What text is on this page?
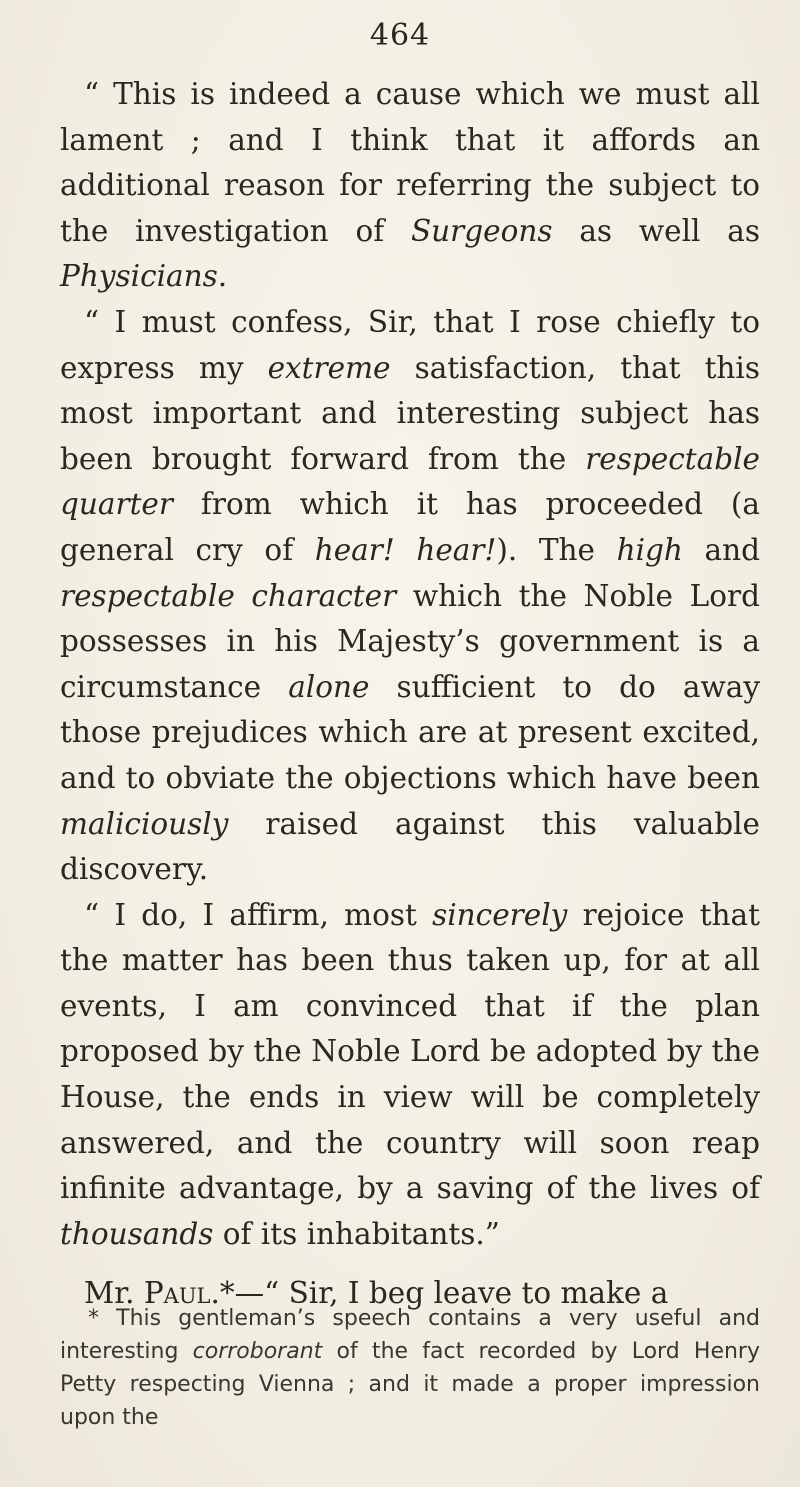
464

“ This is indeed a cause which we must all lament ; and I think that it affords an additional reason for referring the subject to the investigation of Surgeons as well as Physicians.

“ I must confess, Sir, that I rose chiefly to express my extreme satisfaction, that this most important and interesting subject has been brought forward from the respectable quarter from which it has proceeded (a general cry of hear! hear!). The high and respectable character which the Noble Lord possesses in his Majesty’s government is a circumstance alone sufficient to do away those prejudices which are at present excited, and to obviate the objections which have been maliciously raised against this valuable discovery.

“ I do, I affirm, most sincerely rejoice that the matter has been thus taken up, for at all events, I am convinced that if the plan proposed by the Noble Lord be adopted by the House, the ends in view will be completely answered, and the country will soon reap infinite advantage, by a saving of the lives of thousands of its inhabitants.”

Mr. Paul.*—“ Sir, I beg leave to make a

* This gentleman’s speech contains a very useful and interesting corroborant of the fact recorded by Lord Henry Petty respecting Vienna ; and it made a proper impression upon the
